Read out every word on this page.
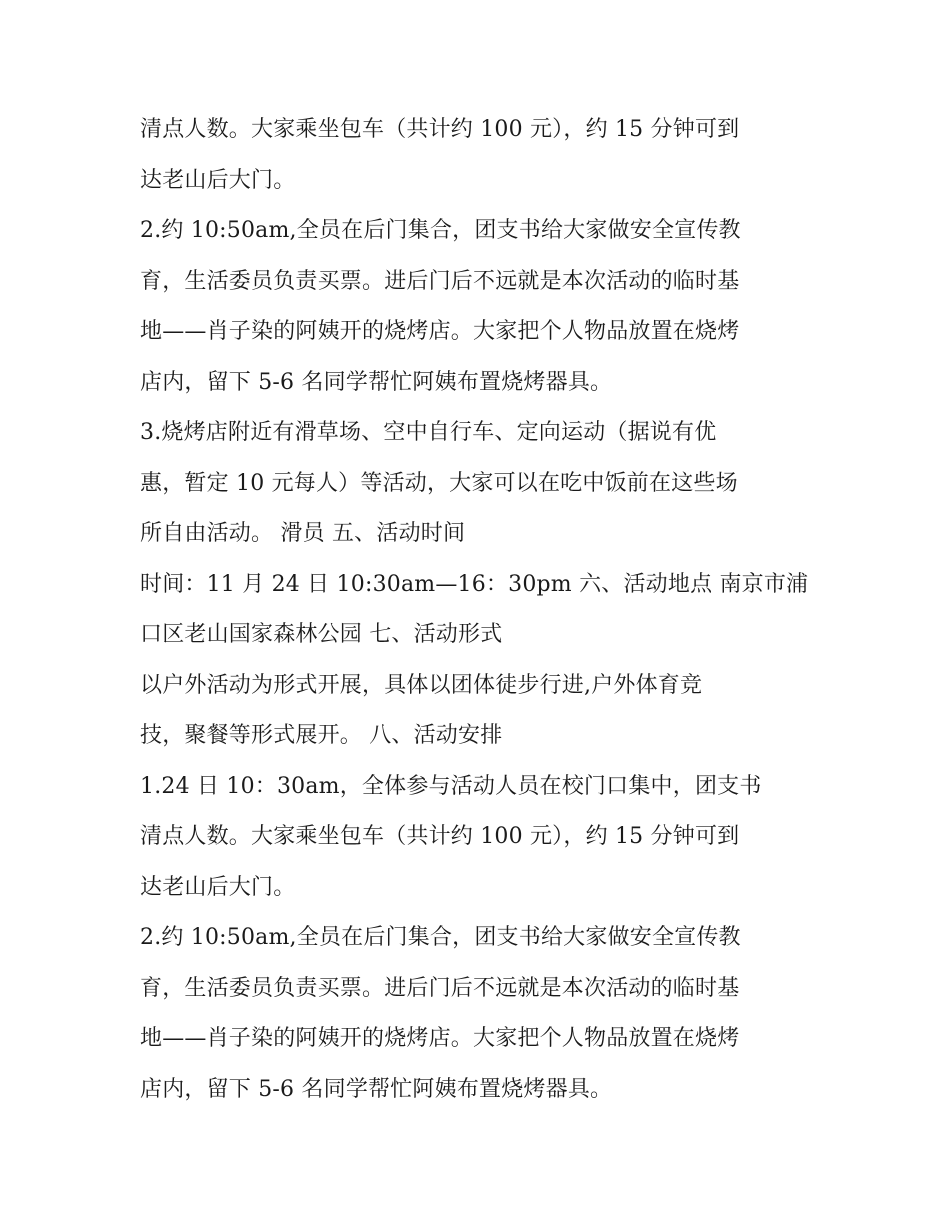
清点人数。大家乘坐包车（共计约 100 元），约 15 分钟可到
达老山后大门。
2.约 10:50am,全员在后门集合，团支书给大家做安全宣传教
育，生活委员负责买票。进后门后不远就是本次活动的临时基
地——肖子染的阿姨开的烧烤店。大家把个人物品放置在烧烤
店内，留下 5-6 名同学帮忙阿姨布置烧烤器具。
3.烧烤店附近有滑草场、空中自行车、定向运动（据说有优
惠，暂定 10 元每人）等活动，大家可以在吃中饭前在这些场
所自由活动。 滑员 五、活动时间
时间：11 月 24 日 10:30am—16：30pm 六、活动地点 南京市浦
口区老山国家森林公园 七、活动形式
以户外活动为形式开展，具体以团体徒步行进,户外体育竞
技，聚餐等形式展开。 八、活动安排
1.24 日 10：30am，全体参与活动人员在校门口集中，团支书
清点人数。大家乘坐包车（共计约 100 元），约 15 分钟可到
达老山后大门。
2.约 10:50am,全员在后门集合，团支书给大家做安全宣传教
育，生活委员负责买票。进后门后不远就是本次活动的临时基
地——肖子染的阿姨开的烧烤店。大家把个人物品放置在烧烤
店内，留下 5-6 名同学帮忙阿姨布置烧烤器具。
